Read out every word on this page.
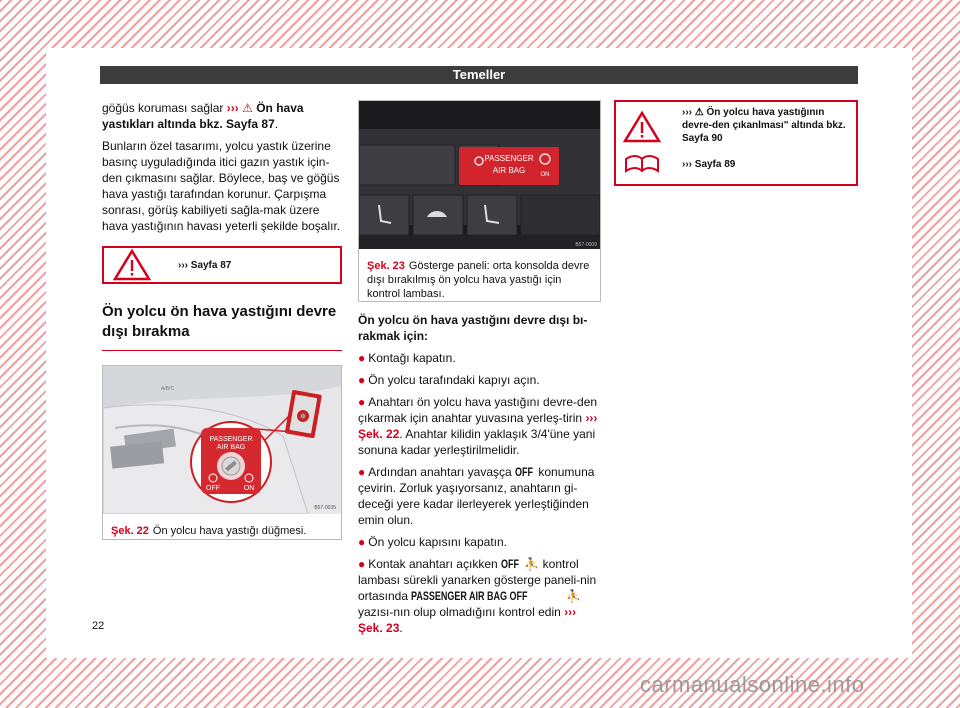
Temeller

göğüs koruması sağlar ››› ⚠ Ön hava yastıkları altında bkz. Sayfa 87.

Bunların özel tasarımı, yolcu yastık üzerine basınç uyguladığında itici gazın yastık için-den çıkmasını sağlar. Böylece, baş ve göğüs hava yastığı tarafından korunur. Çarpışma sonrası, görüş kabiliyeti sağla-mak üzere hava yastığının havası yeterli şekilde boşalır.

››› Sayfa 87
Ön yolcu ön hava yastığını devre dışı bırakma
A/B/C
PASSENGER
AIR BAG
OFF	ON
B57-0035
Şek. 22 Ön yolcu hava yastığı düğmesi.
PASSENGER
AIR BAG	ON
B57-0009
Şek. 23 Gösterge paneli: orta konsolda devre dışı bırakılmış ön yolcu hava yastığı için kontrol lambası.

Ön yolcu ön hava yastığını devre dışı bı-rakmak için:

● Kontağı kapatın.

● Ön yolcu tarafındaki kapıyı açın.

● Anahtarı ön yolcu hava yastığını devre-den çıkarmak için anahtar yuvasına yerleş-tirin ››› Şek. 22. Anahtar kilidin yaklaşık 3/4'üne yani sonuna kadar yerleştirilmelidir.

● Ardından anahtarı yavaşça OFF konumuna çevirin. Zorluk yaşıyorsanız, anahtarın gi-deceği yere kadar ilerleyerek yerleştiğinden emin olun.

● Ön yolcu kapısını kapatın.

● Kontak anahtarı açıkken OFF ⛹ kontrol lambası sürekli yanarken gösterge paneli-nin ortasında PASSENGER AIR BAG OFF	⛹ yazısı-nın olup olmadığını kontrol edin ››› Şek. 23.

››› ⚠ Ön yolcu hava yastığının devre-den çıkanlması" altında bkz. Sayfa 90
››› Sayfa 89
22
carmanualsonline.info
